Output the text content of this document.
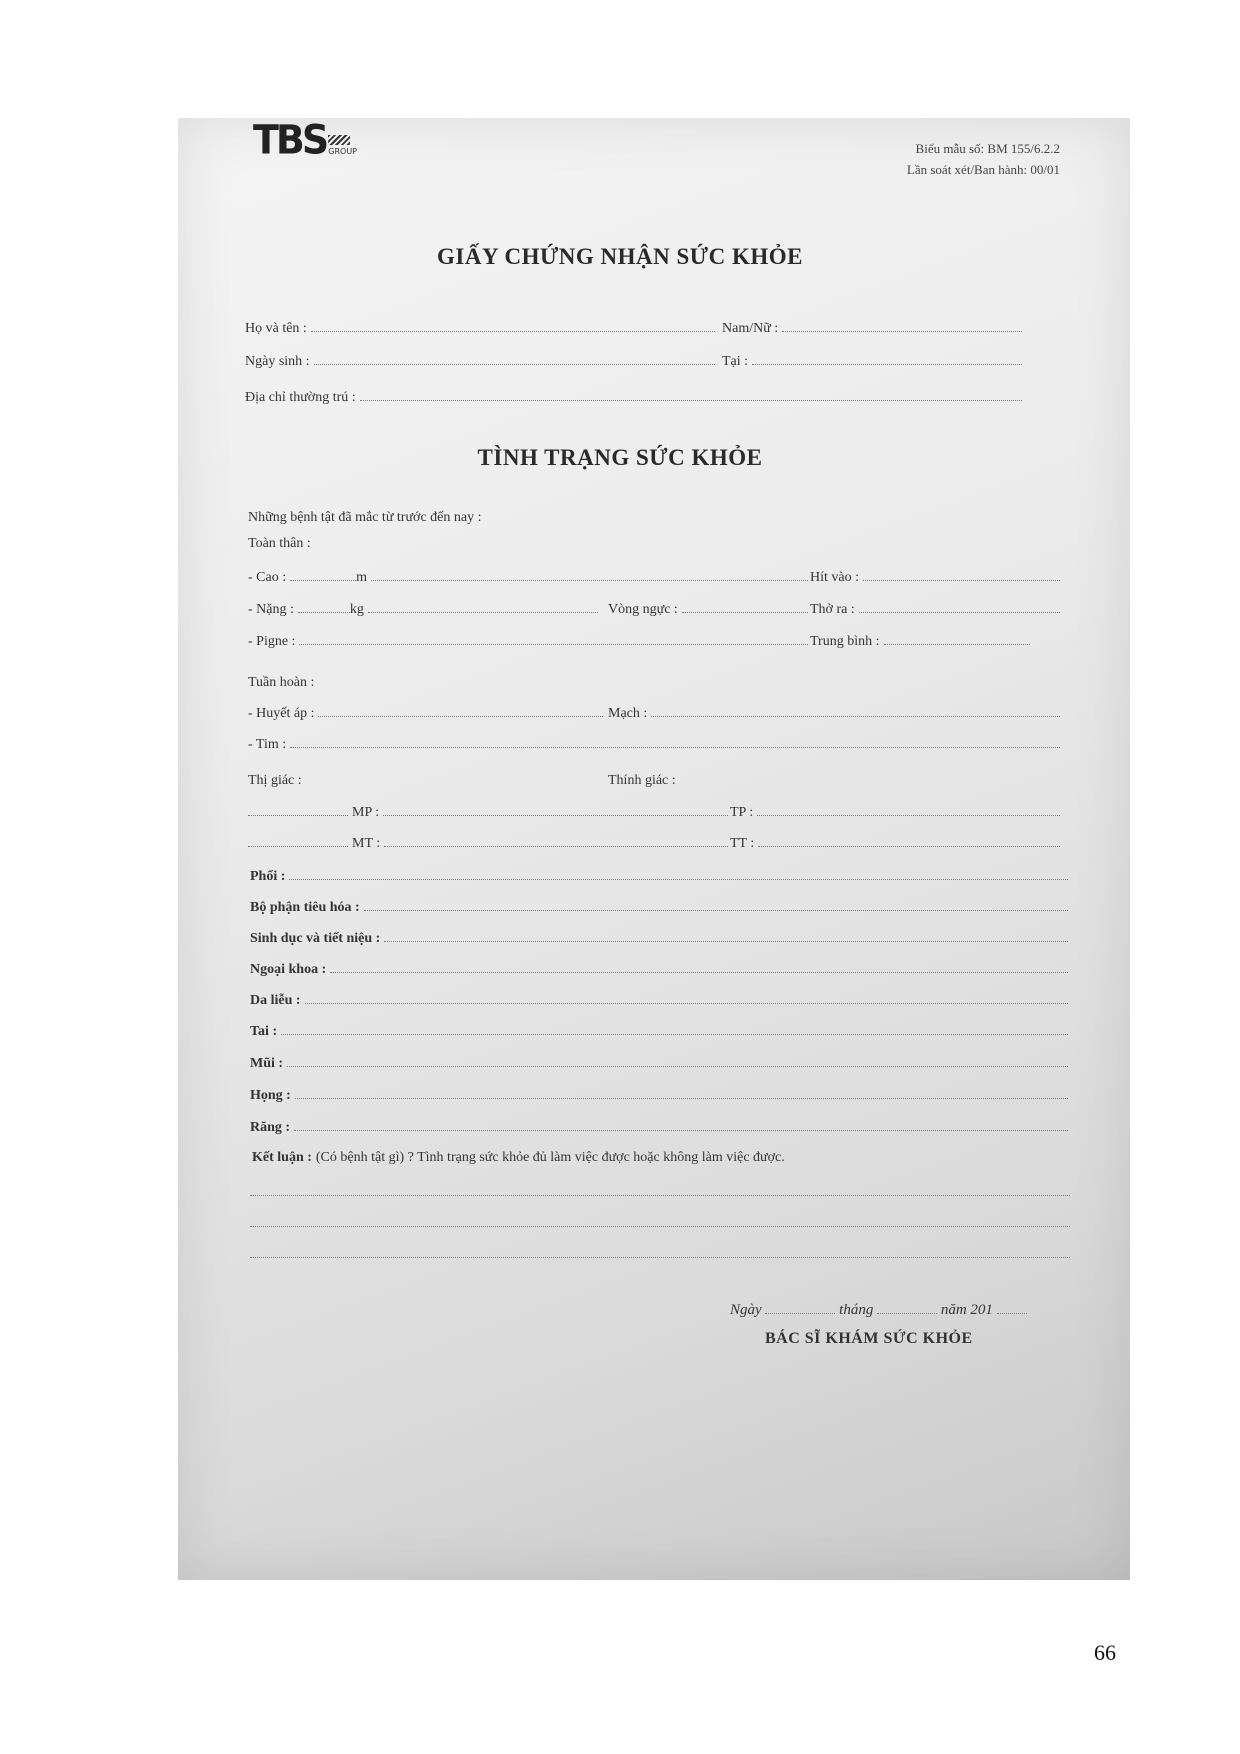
TBS GROUP	Biểu mẫu số: BM 155/6.2.2
Lần soát xét/Ban hành: 00/01
GIẤY CHỨNG NHẬN SỨC KHỎE
Họ và tên :	Nam/Nữ :
Ngày sinh :	Tại :
Địa chỉ thường trú :
TÌNH TRẠNG SỨC KHỎE
Những bệnh tật đã mắc từ trước đến nay :
Toàn thân :
- Cao :	m	Hít vào :
- Nặng :	kg	Vòng ngực :	Thở ra :
- Pigne :	Trung bình :
Tuần hoàn :
- Huyết áp :	Mạch :
- Tim :
Thị giác :	Thính giác :
MP :	TP :
MT :	TT :
Phổi :
Bộ phận tiêu hóa :
Sinh dục và tiết niệu :
Ngoại khoa :
Da liễu :
Tai :
Mũi :
Họng :
Răng :
Kết luận : (Có bệnh tật gì) ? Tình trạng sức khỏe đủ làm việc được hoặc không làm việc được.
Ngày	tháng	năm 201
BÁC SĨ KHÁM SỨC KHỎE
66
